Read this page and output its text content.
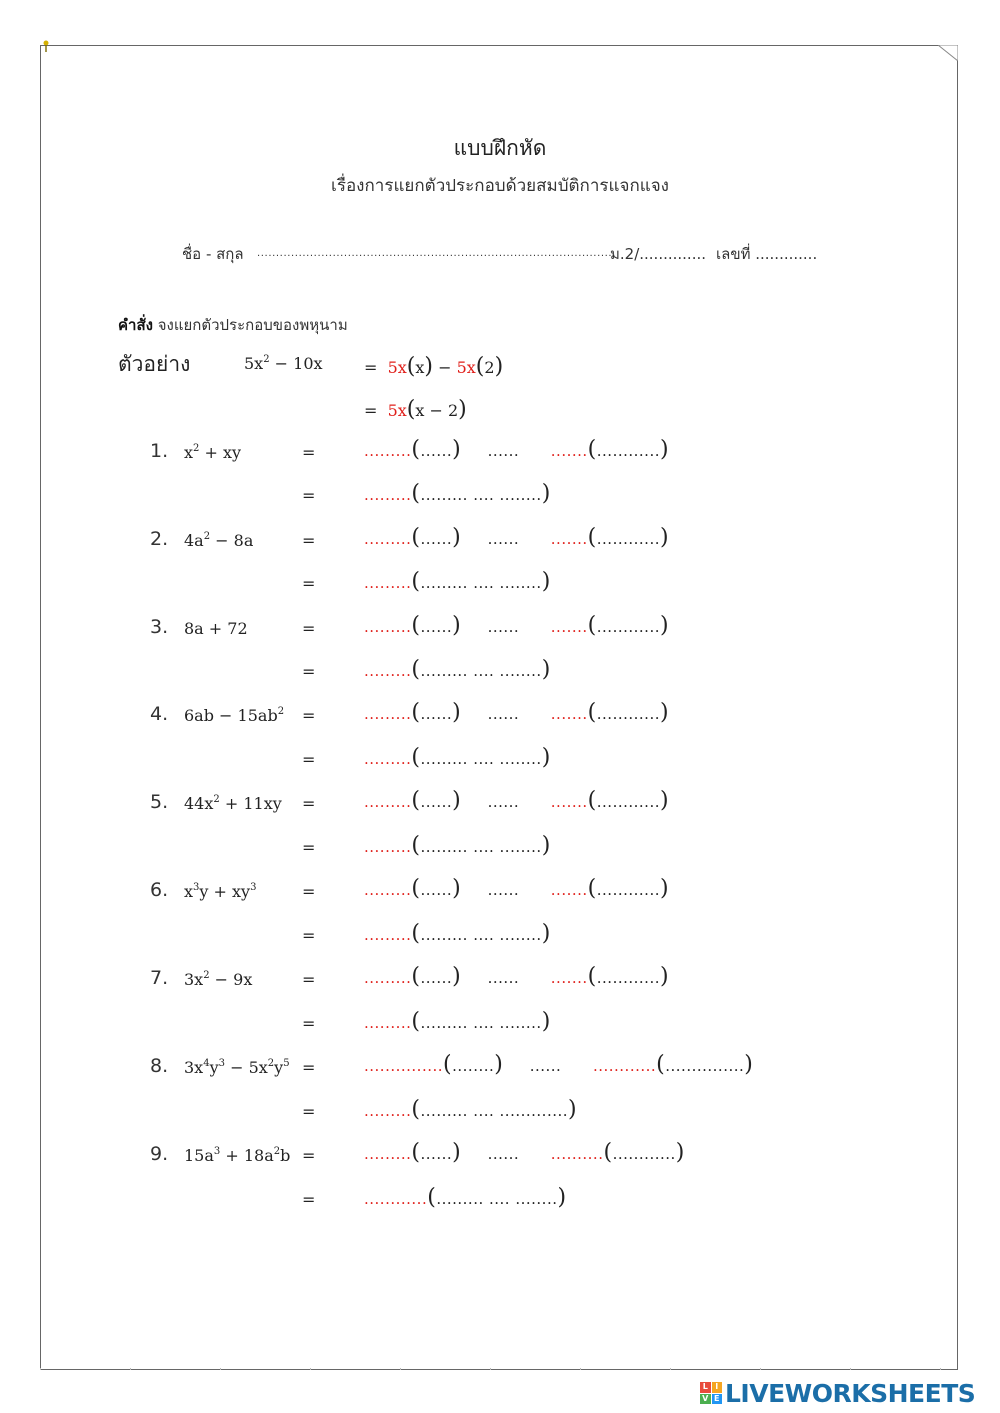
แบบฝึกหัด
เรื่องการแยกตัวประกอบด้วยสมบัติการแจกแจง
ชื่อ - สกุล ...............................................................................................
ม.2/.............. เลขที่ .............
คำสั่ง จงแยกตัวประกอบของพหุนาม
ตัวอย่าง	$5x^2 - 10x$	= 5x(x) − 5x(2)
= 5x(x − 2)
1. $x^2$ + xy	=	.........(......) ...... .......(............)
=	.........(......... .... ........)
2. $4a^2 - 8a$	=	.........(......) ...... .......(............)
=	.........(......... .... ........)
3. 8a + 72	=	.........(......) ...... .......(............)
=	.........(......... .... ........)
4. $6ab - 15ab^2$ =	.........(......) ...... .......(............)
=	.........(......... .... ........)
5. $44x^2 + 11xy$ =	.........(......) ...... .......(............)
=	.........(......... .... ........)
6. $x^3y + xy^3$	=	.........(......) ...... .......(............)
=	.........(......... .... ........)
7. $3x^2 - 9x$	=	.........(......) ...... .......(............)
=	.........(......... .... ........)
8. $3x^4y^3 - 5x^2y^5$ =	...............(........) ...... ............(...............)
=	.........(......... .... .............)
9. $15a^3 + 18a^2b$ =	.........(......) ...... ..........(............)
=	............(......... .... ........)
L I
V E LIVEWORKSHEETS
